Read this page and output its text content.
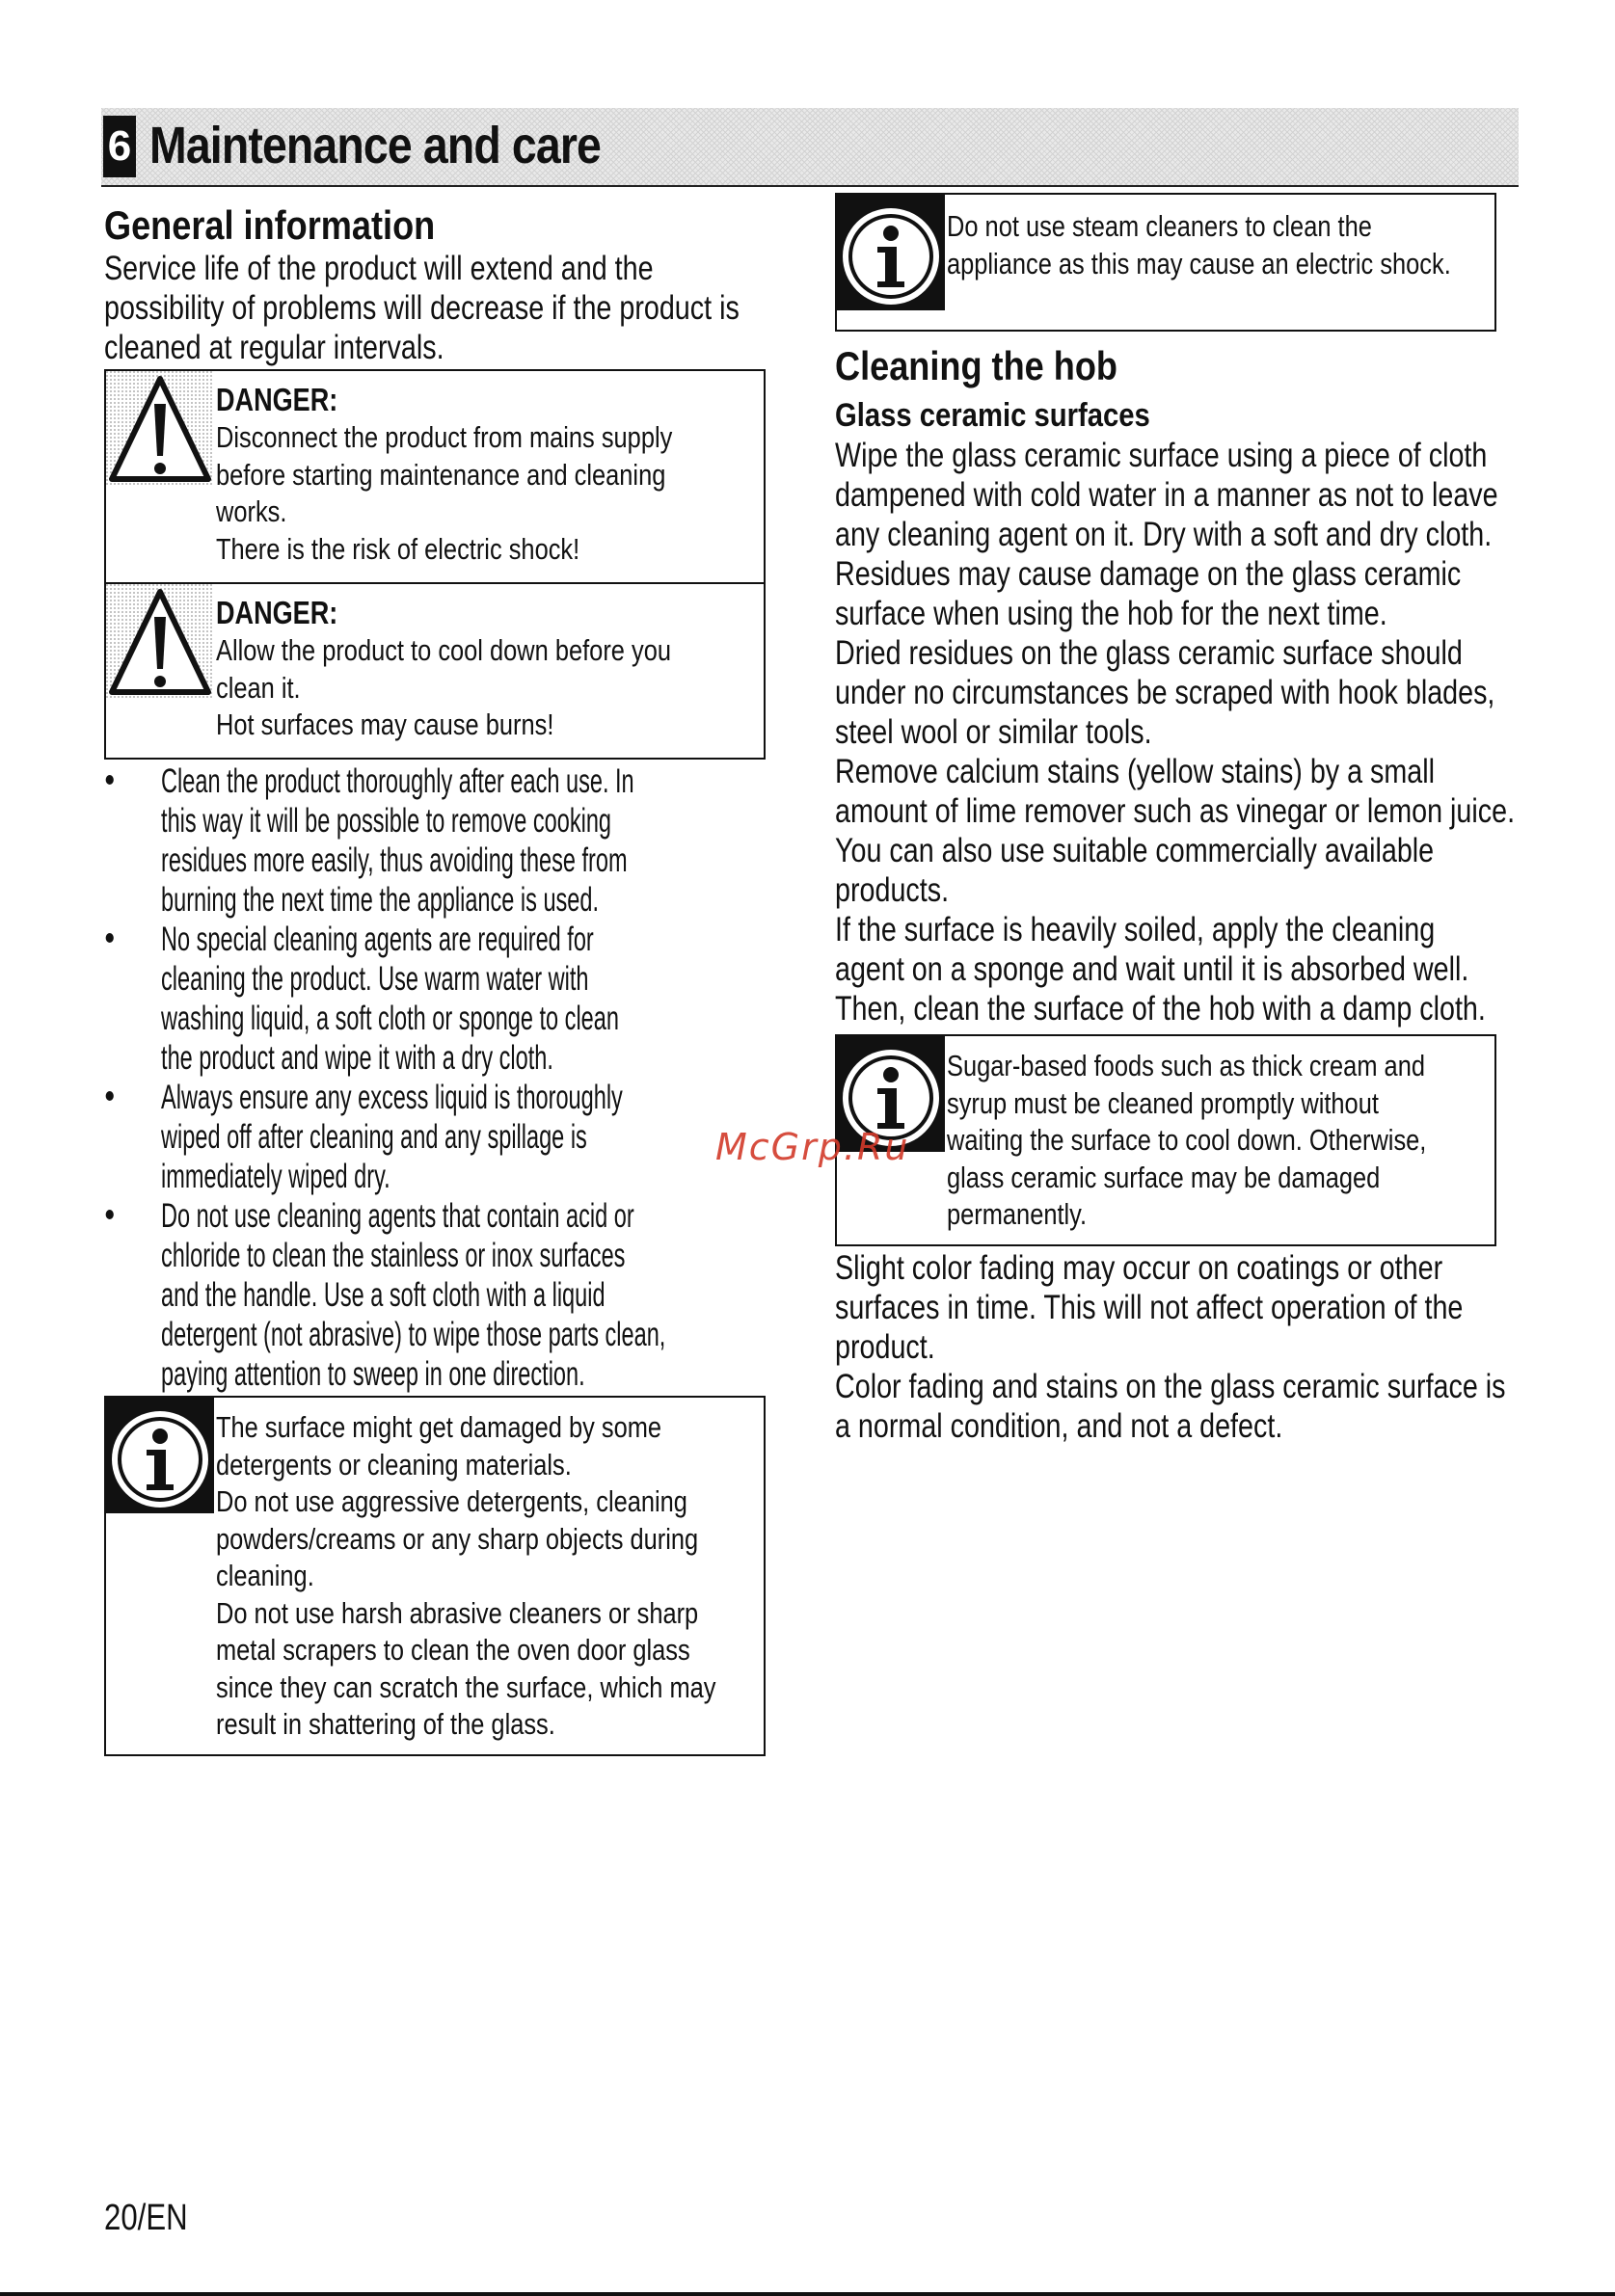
6 Maintenance and care
General information
Service life of the product will extend and the
possibility of problems will decrease if the product is
cleaned at regular intervals.
DANGER:
Disconnect the product from mains supply
before starting maintenance and cleaning
works.
There is the risk of electric shock!
DANGER:
Allow the product to cool down before you
clean it.
Hot surfaces may cause burns!
Clean the product thoroughly after each use. In
this way it will be possible to remove cooking
residues more easily, thus avoiding these from
burning the next time the appliance is used.
No special cleaning agents are required for
cleaning the product. Use warm water with
washing liquid, a soft cloth or sponge to clean
the product and wipe it with a dry cloth.
Always ensure any excess liquid is thoroughly
wiped off after cleaning and any spillage is
immediately wiped dry.
Do not use cleaning agents that contain acid or
chloride to clean the stainless or inox surfaces
and the handle. Use a soft cloth with a liquid
detergent (not abrasive) to wipe those parts clean,
paying attention to sweep in one direction.
The surface might get damaged by some
detergents or cleaning materials.
Do not use aggressive detergents, cleaning
powders/creams or any sharp objects during
cleaning.
Do not use harsh abrasive cleaners or sharp
metal scrapers to clean the oven door glass
since they can scratch the surface, which may
result in shattering of the glass.
Do not use steam cleaners to clean the
appliance as this may cause an electric shock.
Cleaning the hob
Glass ceramic surfaces
Wipe the glass ceramic surface using a piece of cloth
dampened with cold water in a manner as not to leave
any cleaning agent on it. Dry with a soft and dry cloth.
Residues may cause damage on the glass ceramic
surface when using the hob for the next time.
Dried residues on the glass ceramic surface should
under no circumstances be scraped with hook blades,
steel wool or similar tools.
Remove calcium stains (yellow stains) by a small
amount of lime remover such as vinegar or lemon juice.
You can also use suitable commercially available
products.
If the surface is heavily soiled, apply the cleaning
agent on a sponge and wait until it is absorbed well.
Then, clean the surface of the hob with a damp cloth.
Sugar-based foods such as thick cream and
syrup must be cleaned promptly without
waiting the surface to cool down. Otherwise,
glass ceramic surface may be damaged
permanently.
Slight color fading may occur on coatings or other
surfaces in time. This will not affect operation of the
product.
Color fading and stains on the glass ceramic surface is
a normal condition, and not a defect.
McGrp.Ru
20/EN
